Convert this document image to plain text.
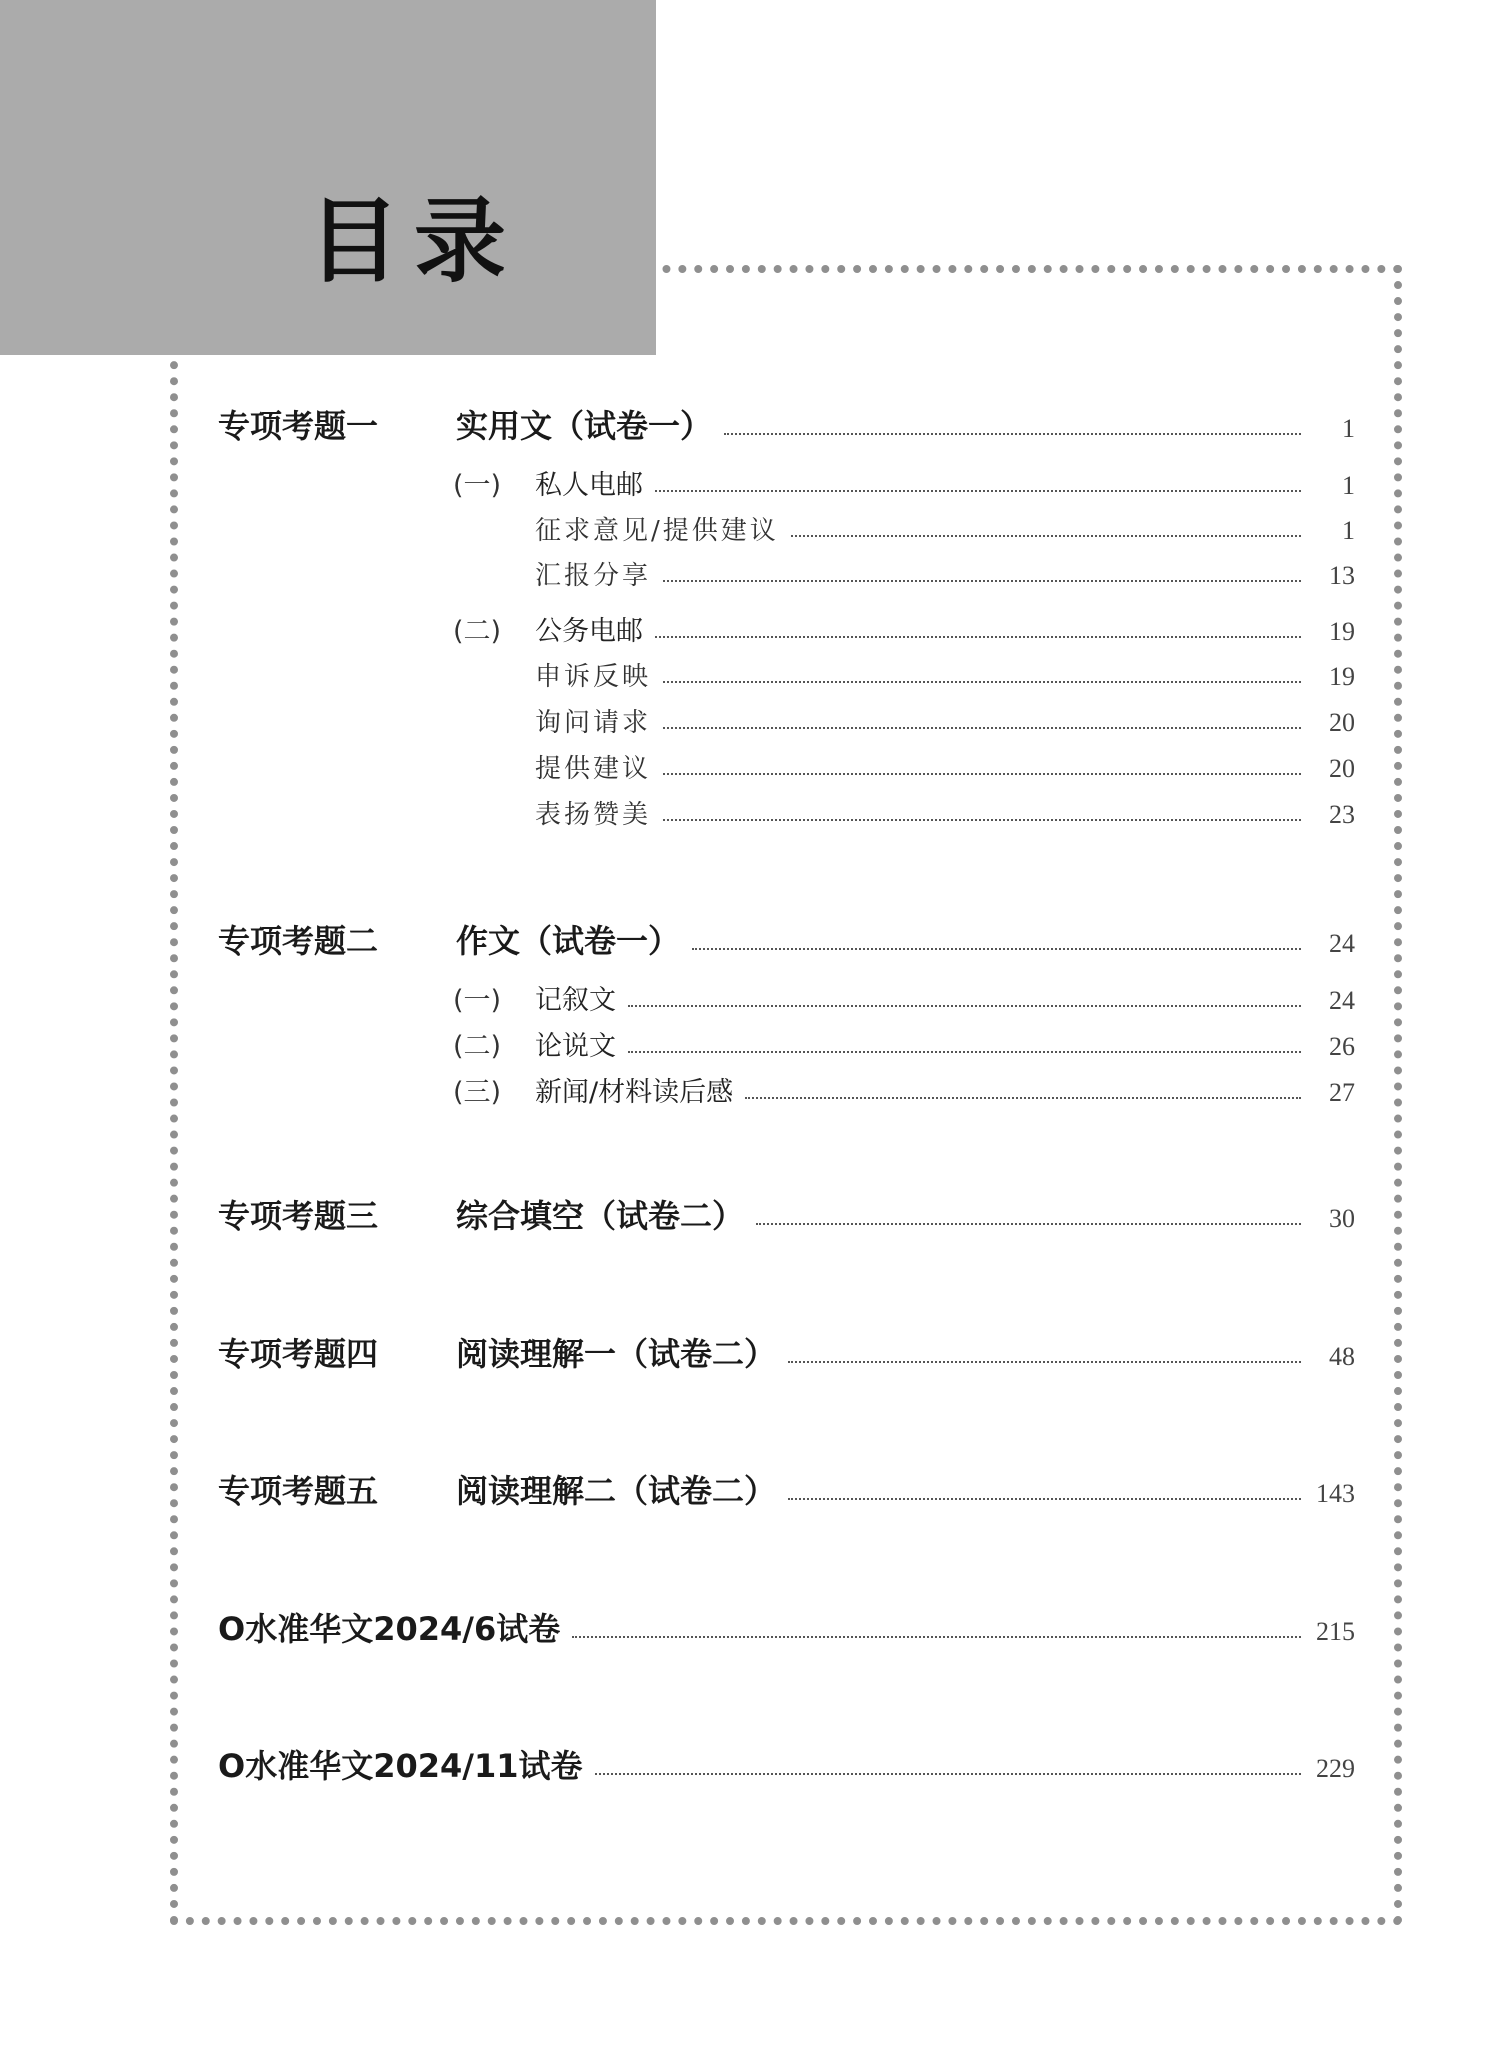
目录
专项考题一 实用文（试卷一）	1
(一) 私人电邮	1
征求意见/提供建议	1
汇报分享	13
(二) 公务电邮	19
申诉反映	19
询问请求	20
提供建议	20
表扬赞美	23
专项考题二 作文（试卷一）	24
(一) 记叙文	24
(二) 论说文	26
(三) 新闻/材料读后感	27
专项考题三 综合填空（试卷二）	30
专项考题四 阅读理解一（试卷二）	48
专项考题五 阅读理解二（试卷二）	143
O水准华文2024/6试卷	215
O水准华文2024/11试卷	229
